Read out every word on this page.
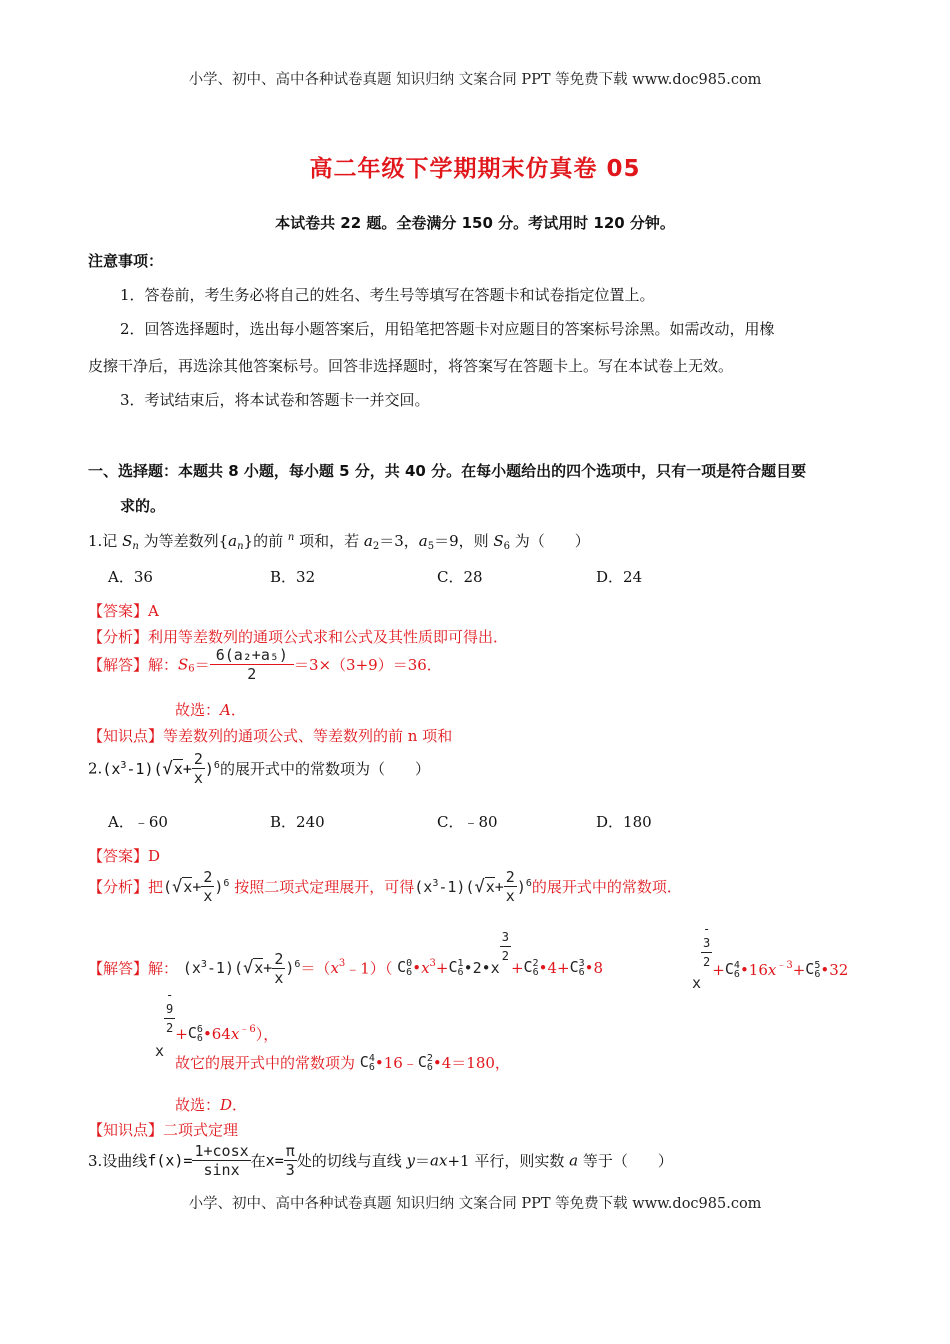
小学、初中、高中各种试卷真题 知识归纳 文案合同 PPT 等免费下载 www.doc985.com
高二年级下学期期末仿真卷 05
本试卷共 22 题。全卷满分 150 分。考试用时 120 分钟。
注意事项：
1．答卷前，考生务必将自己的姓名、考生号等填写在答题卡和试卷指定位置上。
2．回答选择题时，选出每小题答案后，用铅笔把答题卡对应题目的答案标号涂黑。如需改动，用橡
皮擦干净后，再选涂其他答案标号。回答非选择题时，将答案写在答题卡上。写在本试卷上无效。
3．考试结束后，将本试卷和答题卡一并交回。
一、选择题：本题共 8 小题，每小题 5 分，共 40 分。在每小题给出的四个选项中，只有一项是符合题目要
求的。
1.记 $S_n$ 为等差数列$\{a_n\}$的前 $^n$ 项和，若 $a_2=3$，$a_5=9$，则 $S_6$ 为（　　）
A．36	B．32	C．28	D．24
【答案】A
【分析】利用等差数列的通项公式求和公式及其性质即可得出．
【解答】解：$S_6= \frac{\text{6(a₂+a₅)}}{2} =3\times(3+9)=36$．
故选：A．
【知识点】等差数列的通项公式、等差数列的前 n 项和
$2.(x^3-1)(√x+ \frac{2}{x} )^6$的展开式中的常数项为（　　）
A．﹣60	B．240	C．﹣80	D．180
【答案】D
【分析】把$(√x+ \frac{2}{x} )^6$ 按照二项式定理展开，可得$(x^3-1)(√x+ \frac{2}{x} )^6$的展开式中的常数项．
【解答】解： $(x^3-1)(√x+ \frac{2}{x}$ )$^6=(x^3﹣1)$（ $C^0_6•x^3+C^1_6•2•x$
$\frac{3}{2}$
$+C^2_6•4+C^3_6•8$
x
-
3
$2 +C^4_6•16x^{﹣3}+C^5_6•32$
x
-
9
$2 +C^6_6•64x^{﹣6}$），
故它的展开式中的常数项为 $C^4_6•16﹣C^2_6•4=180$，
故选：D．
【知识点】二项式定理
3.设曲线$f(x)= \frac{1+\cos x}{\sin x}$ 在$x= \frac{\pi}{3}$ 处的切线与直线 y＝ax+1 平行，则实数 a 等于（　　）
小学、初中、高中各种试卷真题 知识归纳 文案合同 PPT 等免费下载 www.doc985.com
